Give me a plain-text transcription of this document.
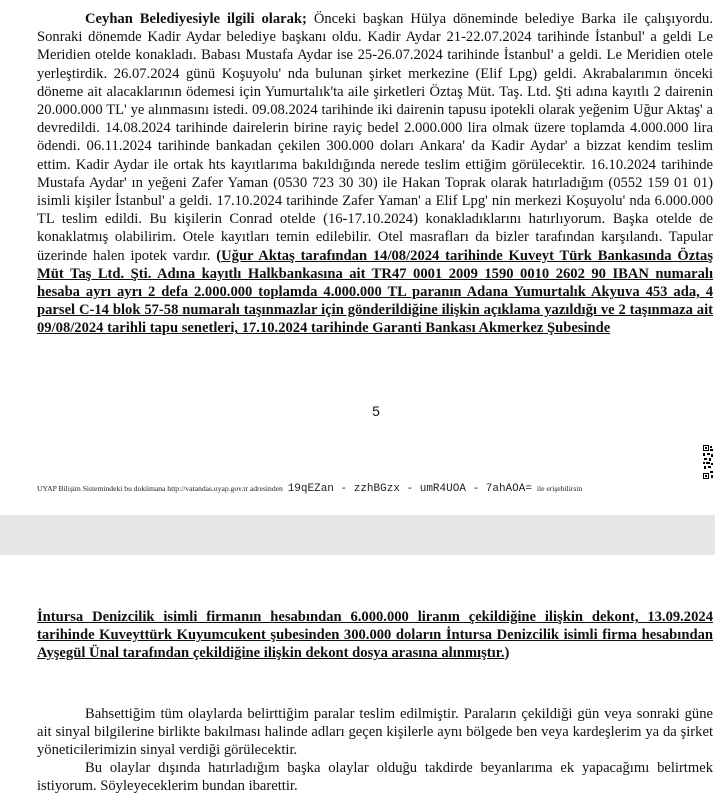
Ceyhan Belediyesiyle ilgili olarak; Önceki başkan Hülya döneminde belediye Barka ile çalışıyordu. Sonraki dönemde Kadir Aydar belediye başkanı oldu. Kadir Aydar 21-22.07.2024 tarihinde İstanbul' a geldi Le Meridien otelde konakladı. Babası Mustafa Aydar ise 25-26.07.2024 tarihinde İstanbul' a geldi. Le Meridien otele yerleştirdik. 26.07.2024 günü Koşuyolu' nda bulunan şirket merkezine (Elif Lpg) geldi. Akrabalarımın önceki döneme ait alacaklarının ödemesi için Yumurtalık'ta aile şirketleri Öztaş Müt. Taş. Ltd. Şti adına kayıtlı 2 dairenin 20.000.000 TL' ye alınmasını istedi. 09.08.2024 tarihinde iki dairenin tapusu ipotekli olarak yeğenim Uğur Aktaş' a devredildi. 14.08.2024 tarihinde dairelerin birine rayiç bedel 2.000.000 lira olmak üzere toplamda 4.000.000 lira ödendi. 06.11.2024 tarihinde bankadan çekilen 300.000 doları Ankara' da Kadir Aydar' a bizzat kendim teslim ettim. Kadir Aydar ile ortak hts kayıtlarıma bakıldığında nerede teslim ettiğim görülecektir. 16.10.2024 tarihinde Mustafa Aydar' ın yeğeni Zafer Yaman (0530 723 30 30) ile Hakan Toprak olarak hatırladığım (0552 159 01 01) isimli kişiler İstanbul' a geldi. 17.10.2024 tarihinde Zafer Yaman' a Elif Lpg' nin merkezi Koşuyolu' nda 6.000.000 TL teslim edildi. Bu kişilerin Conrad otelde (16-17.10.2024) konakladıklarını hatırlıyorum. Başka otelde de konaklatmış olabilirim. Otele kayıtları temin edilebilir. Otel masrafları da bizler tarafından karşılandı. Tapular üzerinde halen ipotek vardır. (Uğur Aktaş tarafından 14/08/2024 tarihinde Kuveyt Türk Bankasında Öztaş Müt Taş Ltd. Şti. Adına kayıtlı Halkbankasına ait TR47 0001 2009 1590 0010 2602 90 IBAN numaralı hesaba ayrı ayrı 2 defa 2.000.000 toplamda 4.000.000 TL paranın Adana Yumurtalık Akyuva 453 ada, 4 parsel C-14 blok 57-58 numaralı taşınmazlar için gönderildiğine ilişkin açıklama yazıldığı ve 2 taşınmaza ait 09/08/2024 tarihli tapu senetleri, 17.10.2024 tarihinde Garanti Bankası Akmerkez Şubesinde

5
UYAP Bilişim Sistemindeki bu dokümana http://vatandas.uyap.gov.tr adresinden 19qEZan - zzhBGzx - umR4UOA - 7ahAOA= ile erişebilirsin

İntursa Denizcilik isimli firmanın hesabından 6.000.000 liranın çekildiğine ilişkin dekont, 13.09.2024 tarihinde Kuveyttürk Kuyumcukent şubesinden 300.000 doların İntursa Denizcilik isimli firma hesabından Ayşegül Ünal tarafından çekildiğine ilişkin dekont dosya arasına alınmıştır.)

Bahsettiğim tüm olaylarda belirttiğim paralar teslim edilmiştir. Paraların çekildiği gün veya sonraki güne ait sinyal bilgilerine birlikte bakılması halinde adları geçen kişilerle aynı bölgede ben veya kardeşlerim ya da şirket yöneticilerimizin sinyal verdiği görülecektir.

Bu olaylar dışında hatırladığım başka olaylar olduğu takdirde beyanlarıma ek yapacağımı belirtmek istiyorum. Söyleyeceklerim bundan ibarettir.
